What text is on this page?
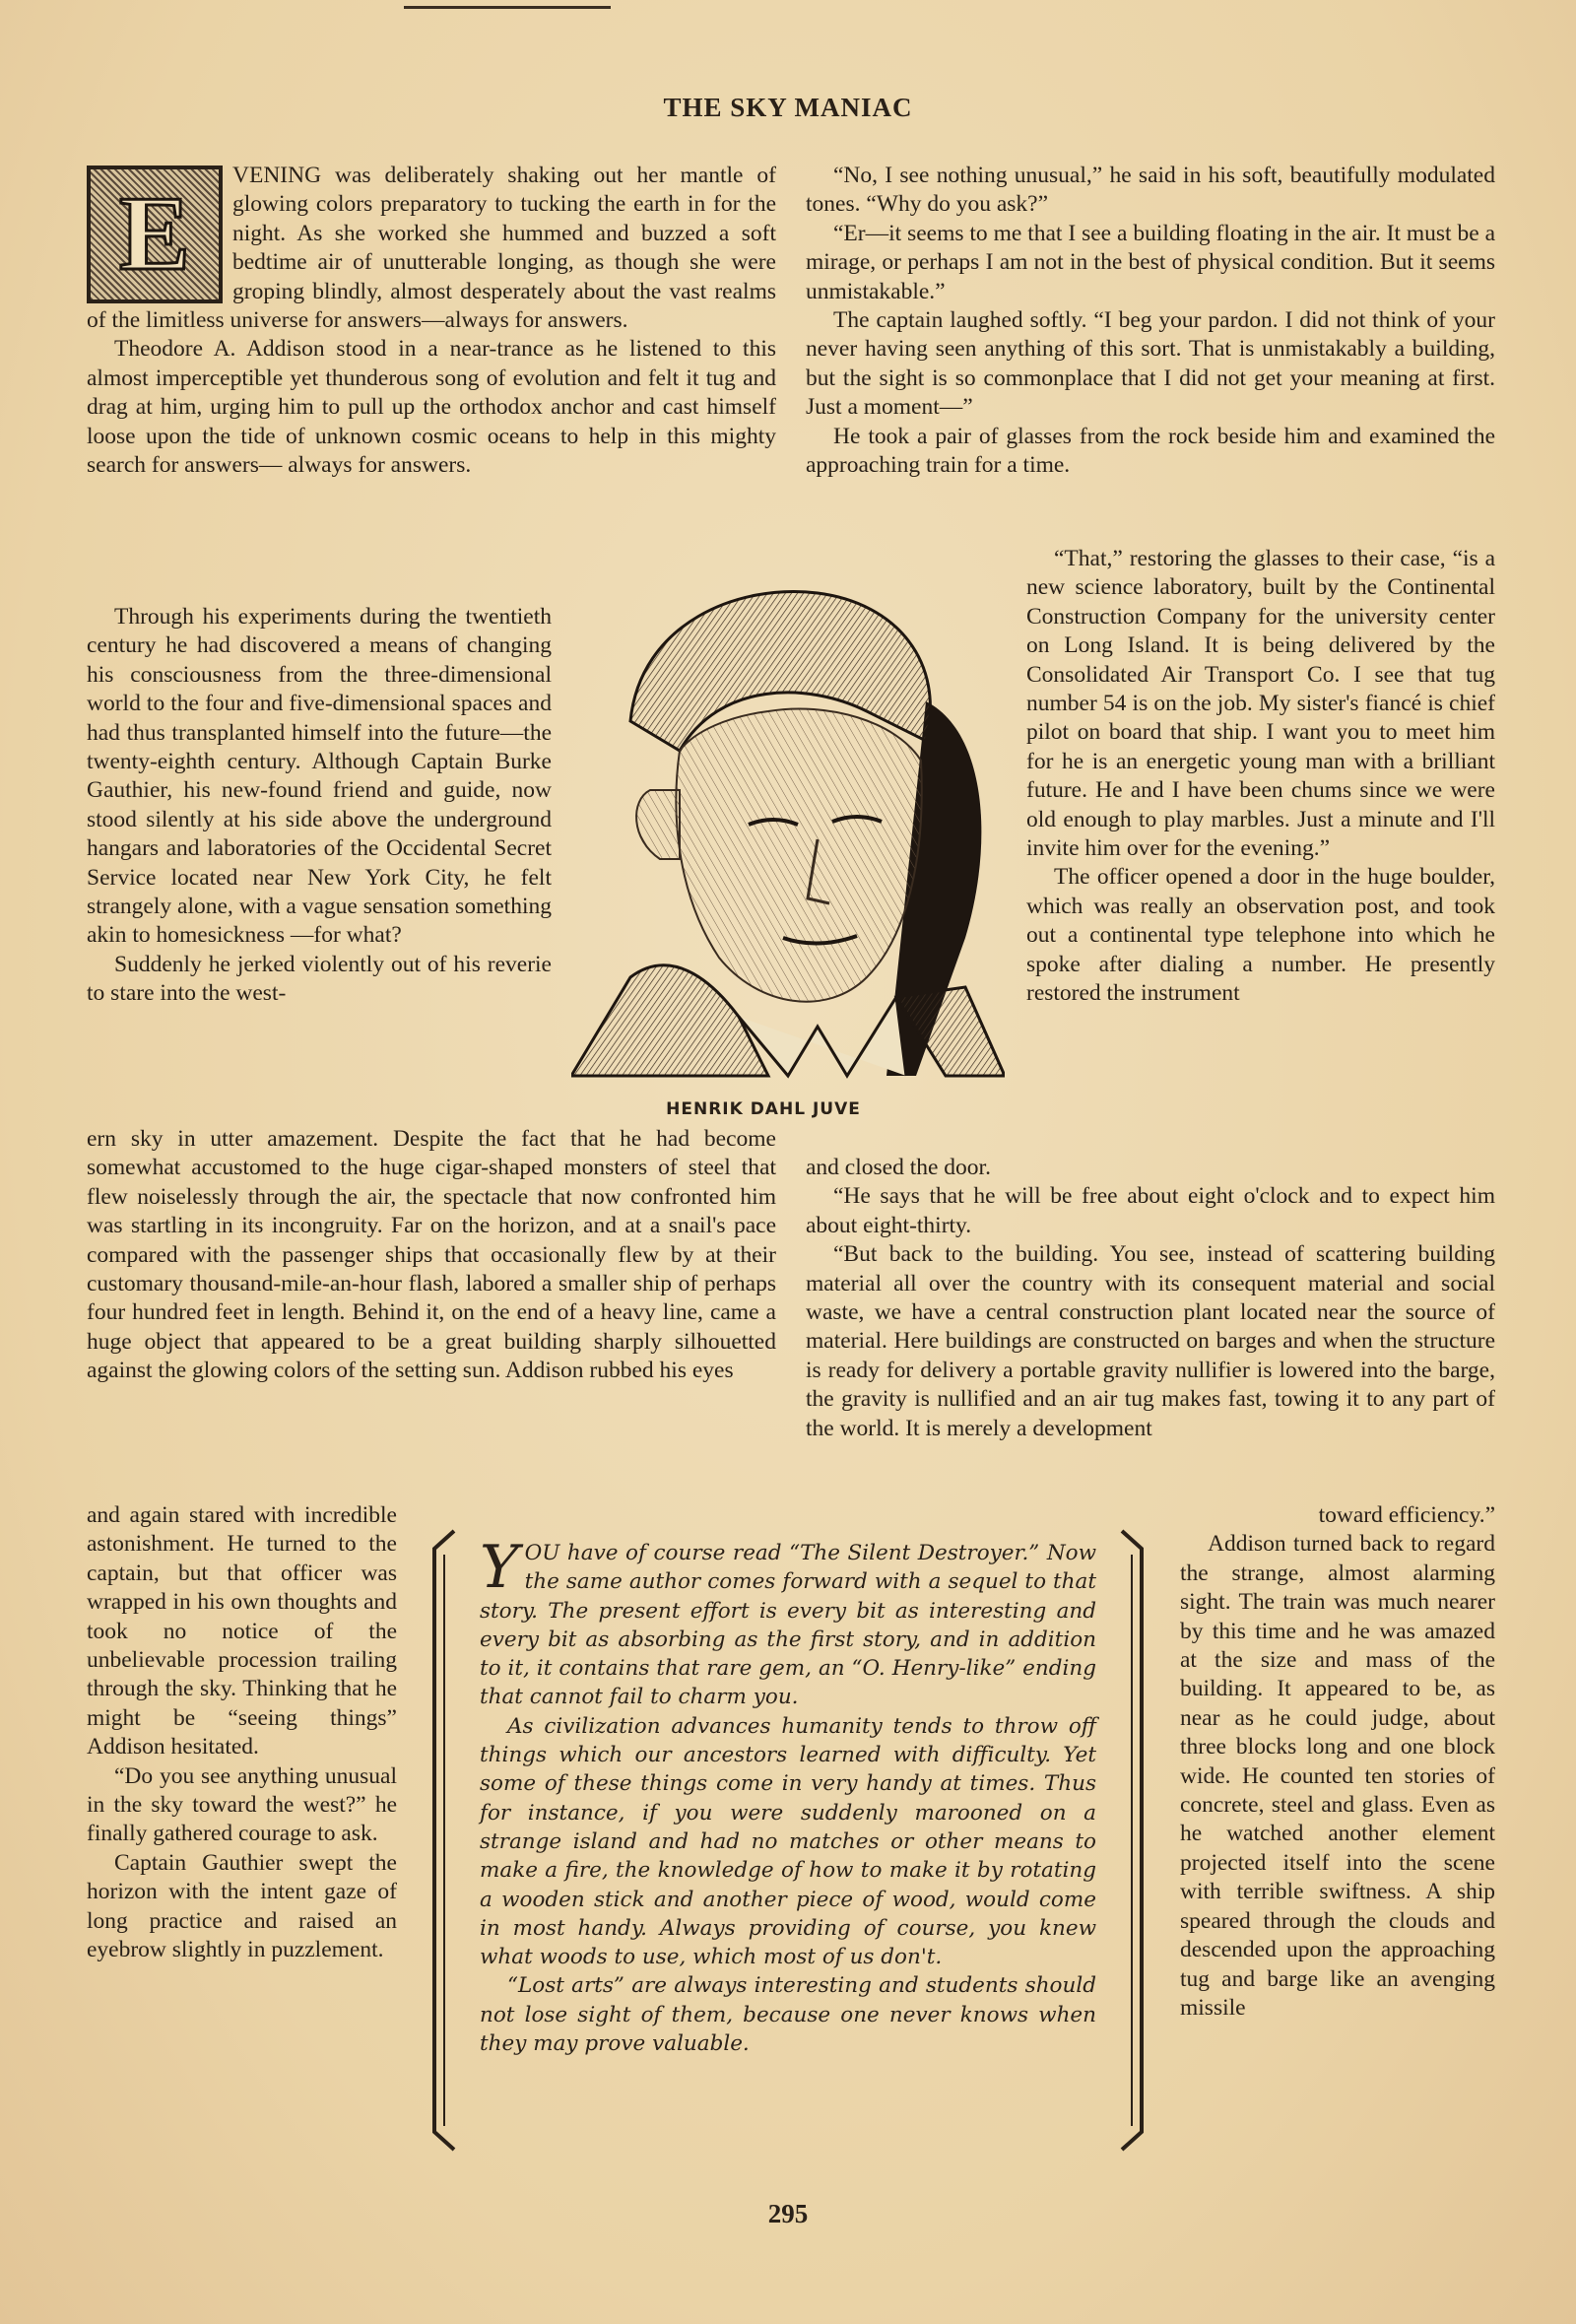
THE SKY MANIAC
E	VENING was deliberately shaking out her mantle of glowing colors preparatory to tucking the earth in for the night. As she worked she hummed and buzzed a soft bedtime air of unutterable longing, as though she were groping blindly, almost desperately about the vast realms of the limitless universe for answers—always for answers.

Theodore A. Addison stood in a near-trance as he listened to this almost imperceptible yet thunderous song of evolution and felt it tug and drag at him, urging him to pull up the orthodox anchor and cast himself loose upon the tide of unknown cosmic oceans to help in this mighty search for answers— always for answers.

Through his experiments during the twentieth century he had discovered a means of changing his consciousness from the three-dimensional world to the four and five-dimensional spaces and had thus transplanted himself into the future—the twenty-eighth century. Although Captain Burke Gauthier, his new-found friend and guide, now stood silently at his side above the underground hangars and laboratories of the Occidental Secret Service located near New York City, he felt strangely alone, with a vague sensation something akin to homesickness —for what?

Suddenly he jerked violently out of his reverie to stare into the west-

ern sky in utter amazement. Despite the fact that he had become somewhat accustomed to the huge cigar-shaped monsters of steel that flew noiselessly through the air, the spectacle that now confronted him was startling in its incongruity. Far on the horizon, and at a snail's pace compared with the passenger ships that occasionally flew by at their customary thousand-mile-an-hour flash, labored a smaller ship of perhaps four hundred feet in length. Behind it, on the end of a heavy line, came a huge object that appeared to be a great building sharply silhouetted against the glowing colors of the setting sun. Addison rubbed his eyes

and again stared with incredible astonishment. He turned to the captain, but that officer was wrapped in his own thoughts and took no notice of the unbelievable procession trailing through the sky. Thinking that he might be “seeing things” Addison hesitated.

“Do you see anything unusual in the sky toward the west?” he finally gathered courage to ask.

Captain Gauthier swept the horizon with the intent gaze of long practice and raised an eyebrow slightly in puzzlement.

“No, I see nothing unusual,” he said in his soft, beautifully modulated tones. “Why do you ask?”

“Er—it seems to me that I see a building floating in the air. It must be a mirage, or perhaps I am not in the best of physical condition. But it seems unmistakable.”

The captain laughed softly. “I beg your pardon. I did not think of your never having seen anything of this sort. That is unmistakably a building, but the sight is so commonplace that I did not get your meaning at first. Just a moment—”

He took a pair of glasses from the rock beside him and examined the approaching train for a time.

“That,” restoring the glasses to their case, “is a new science laboratory, built by the Continental Construction Company for the university center on Long Island. It is being delivered by the Consolidated Air Transport Co. I see that tug number 54 is on the job. My sister's fiancé is chief pilot on board that ship. I want you to meet him for he is an energetic young man with a brilliant future. He and I have been chums since we were old enough to play marbles. Just a minute and I'll invite him over for the evening.”

The officer opened a door in the huge boulder, which was really an observation post, and took out a continental type telephone into which he spoke after dialing a number. He presently restored the instrument

and closed the door.

“He says that he will be free about eight o'clock and to expect him about eight-thirty.

“But back to the building. You see, instead of scattering building material all over the country with its consequent material and social waste, we have a central construction plant located near the source of material. Here buildings are constructed on barges and when the structure is ready for delivery a portable gravity nullifier is lowered into the barge, the gravity is nullified and an air tug makes fast, towing it to any part of the world. It is merely a development

toward efficiency.”

Addison turned back to regard the strange, almost alarming sight. The train was much nearer by this time and he was amazed at the size and mass of the building. It appeared to be, as near as he could judge, about three blocks long and one block wide. He counted ten stories of concrete, steel and glass. Even as he watched another element projected itself into the scene with terrible swiftness. A ship speared through the clouds and descended upon the approaching tug and barge like an avenging missile

HENRIK DAHL JUVE

YOU have of course read “The Silent Destroyer.” Now the same author comes forward with a sequel to that story. The present effort is every bit as interesting and every bit as absorbing as the first story, and in addition to it, it contains that rare gem, an “O. Henry-like” ending that cannot fail to charm you.

As civilization advances humanity tends to throw off things which our ancestors learned with difficulty. Yet some of these things come in very handy at times. Thus for instance, if you were suddenly marooned on a strange island and had no matches or other means to make a fire, the knowledge of how to make it by rotating a wooden stick and another piece of wood, would come in most handy. Always providing of course, you knew what woods to use, which most of us don't.

“Lost arts” are always interesting and students should not lose sight of them, because one never knows when they may prove valuable.

295
